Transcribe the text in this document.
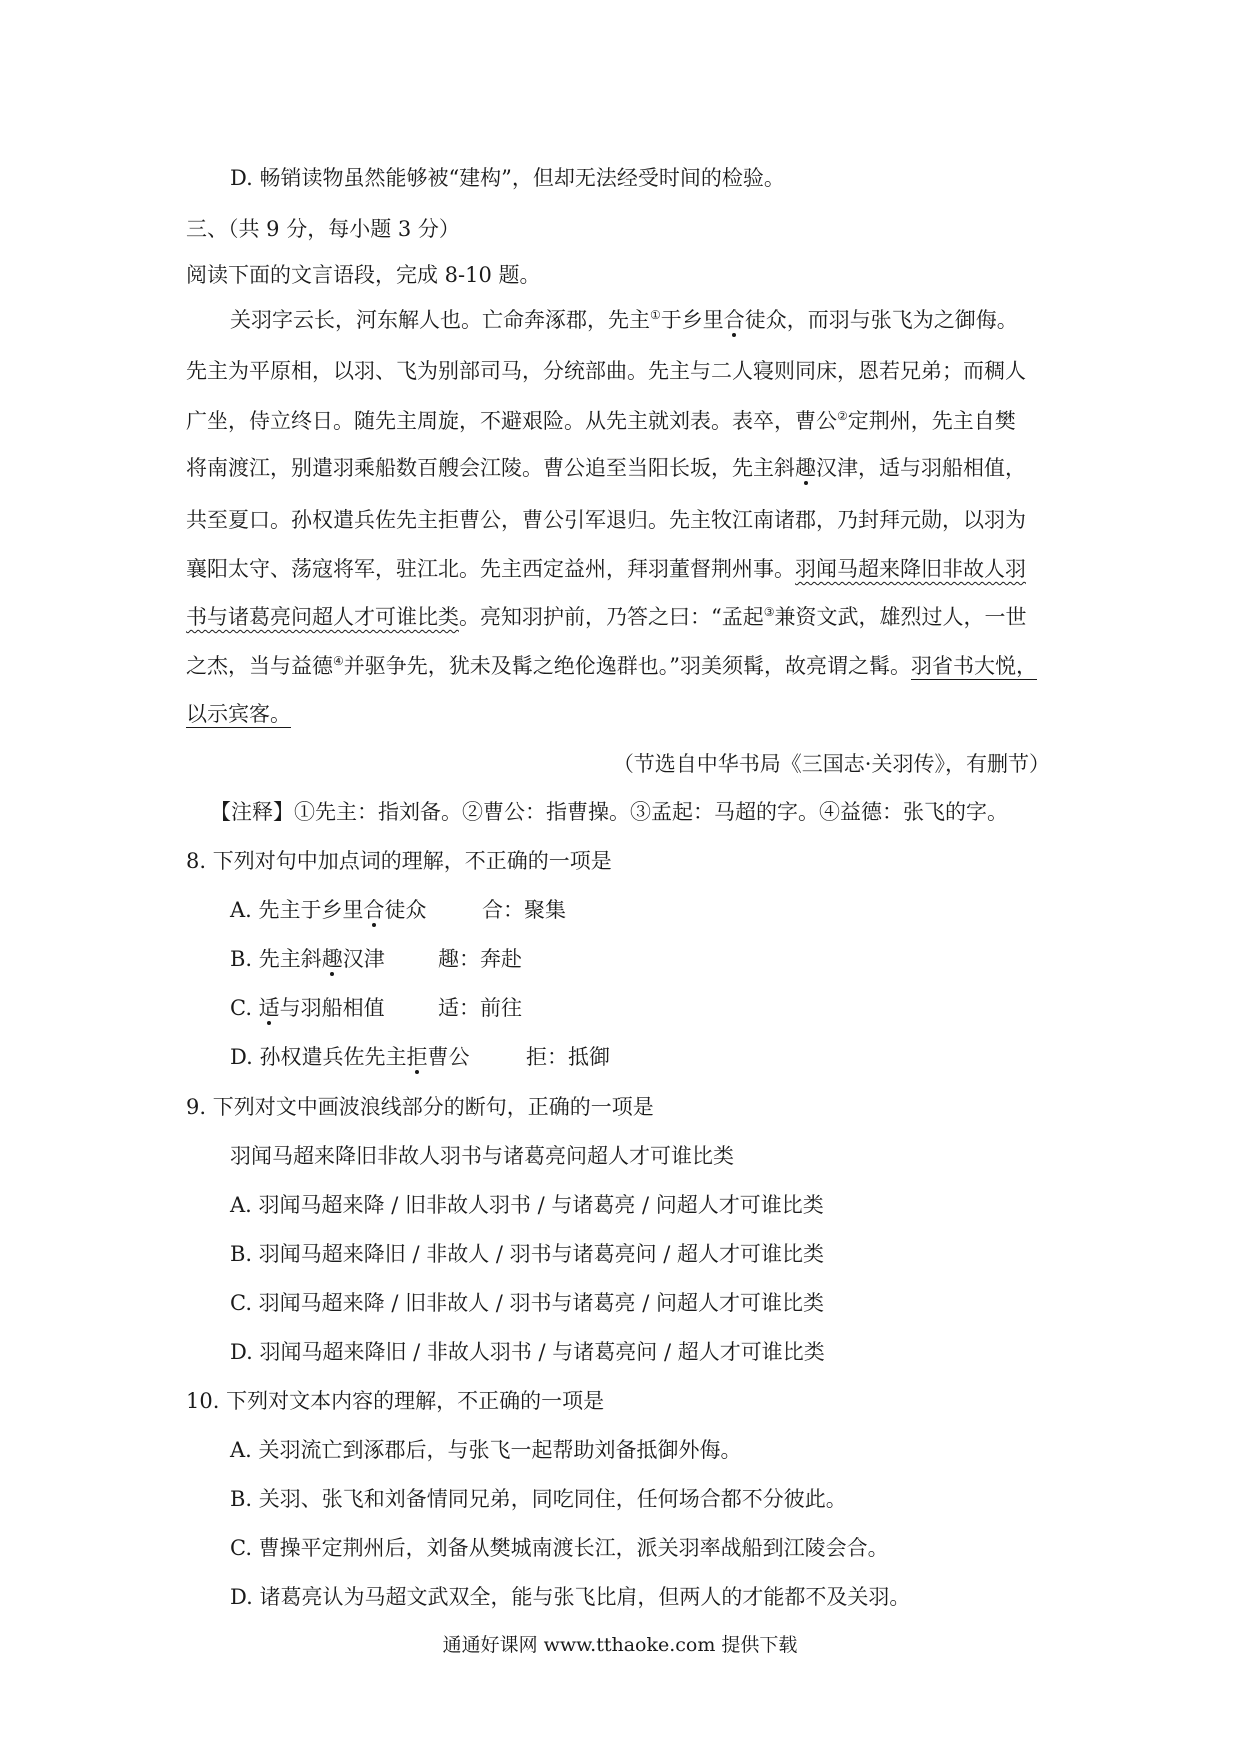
D. 畅销读物虽然能够被“建构”，但却无法经受时间的检验。
三、（共 9 分，每小题 3 分）
阅读下面的文言语段，完成 8-10 题。
关羽字云长，河东解人也。亡命奔涿郡，先主①于乡里合徒众，而羽与张飞为之御侮。
先主为平原相，以羽、飞为别部司马，分统部曲。先主与二人寝则同床，恩若兄弟；而稠人
广坐，侍立终日。随先主周旋，不避艰险。从先主就刘表。表卒，曹公②定荆州，先主自樊
将南渡江，别遣羽乘船数百艘会江陵。曹公追至当阳长坂，先主斜趣汉津，适与羽船相值，
共至夏口。孙权遣兵佐先主拒曹公，曹公引军退归。先主牧江南诸郡，乃封拜元勋，以羽为
襄阳太守、荡寇将军，驻江北。先主西定益州，拜羽董督荆州事。羽闻马超来降旧非故人羽
书与诸葛亮问超人才可谁比类。亮知羽护前，乃答之曰：“孟起③兼资文武，雄烈过人，一世
之杰，当与益德④并驱争先，犹未及髯之绝伦逸群也。”羽美须髯，故亮谓之髯。羽省书大悦，
以示宾客。
（节选自中华书局《三国志·关羽传》，有删节）
【注释】①先主：指刘备。②曹公：指曹操。③孟起：马超的字。④益德：张飞的字。
8. 下列对句中加点词的理解，不正确的一项是
A. 先主于乡里合徒众	合：聚集
B. 先主斜趣汉津	趣：奔赴
C. 适与羽船相值	适：前往
D. 孙权遣兵佐先主拒曹公	拒：抵御
9. 下列对文中画波浪线部分的断句，正确的一项是
羽闻马超来降旧非故人羽书与诸葛亮问超人才可谁比类
A. 羽闻马超来降 / 旧非故人羽书 / 与诸葛亮 / 问超人才可谁比类
B. 羽闻马超来降旧 / 非故人 / 羽书与诸葛亮问 / 超人才可谁比类
C. 羽闻马超来降 / 旧非故人 / 羽书与诸葛亮 / 问超人才可谁比类
D. 羽闻马超来降旧 / 非故人羽书 / 与诸葛亮问 / 超人才可谁比类
10. 下列对文本内容的理解，不正确的一项是
A. 关羽流亡到涿郡后，与张飞一起帮助刘备抵御外侮。
B. 关羽、张飞和刘备情同兄弟，同吃同住，任何场合都不分彼此。
C. 曹操平定荆州后，刘备从樊城南渡长江，派关羽率战船到江陵会合。
D. 诸葛亮认为马超文武双全，能与张飞比肩，但两人的才能都不及关羽。
通通好课网 www.tthaoke.com 提供下载
